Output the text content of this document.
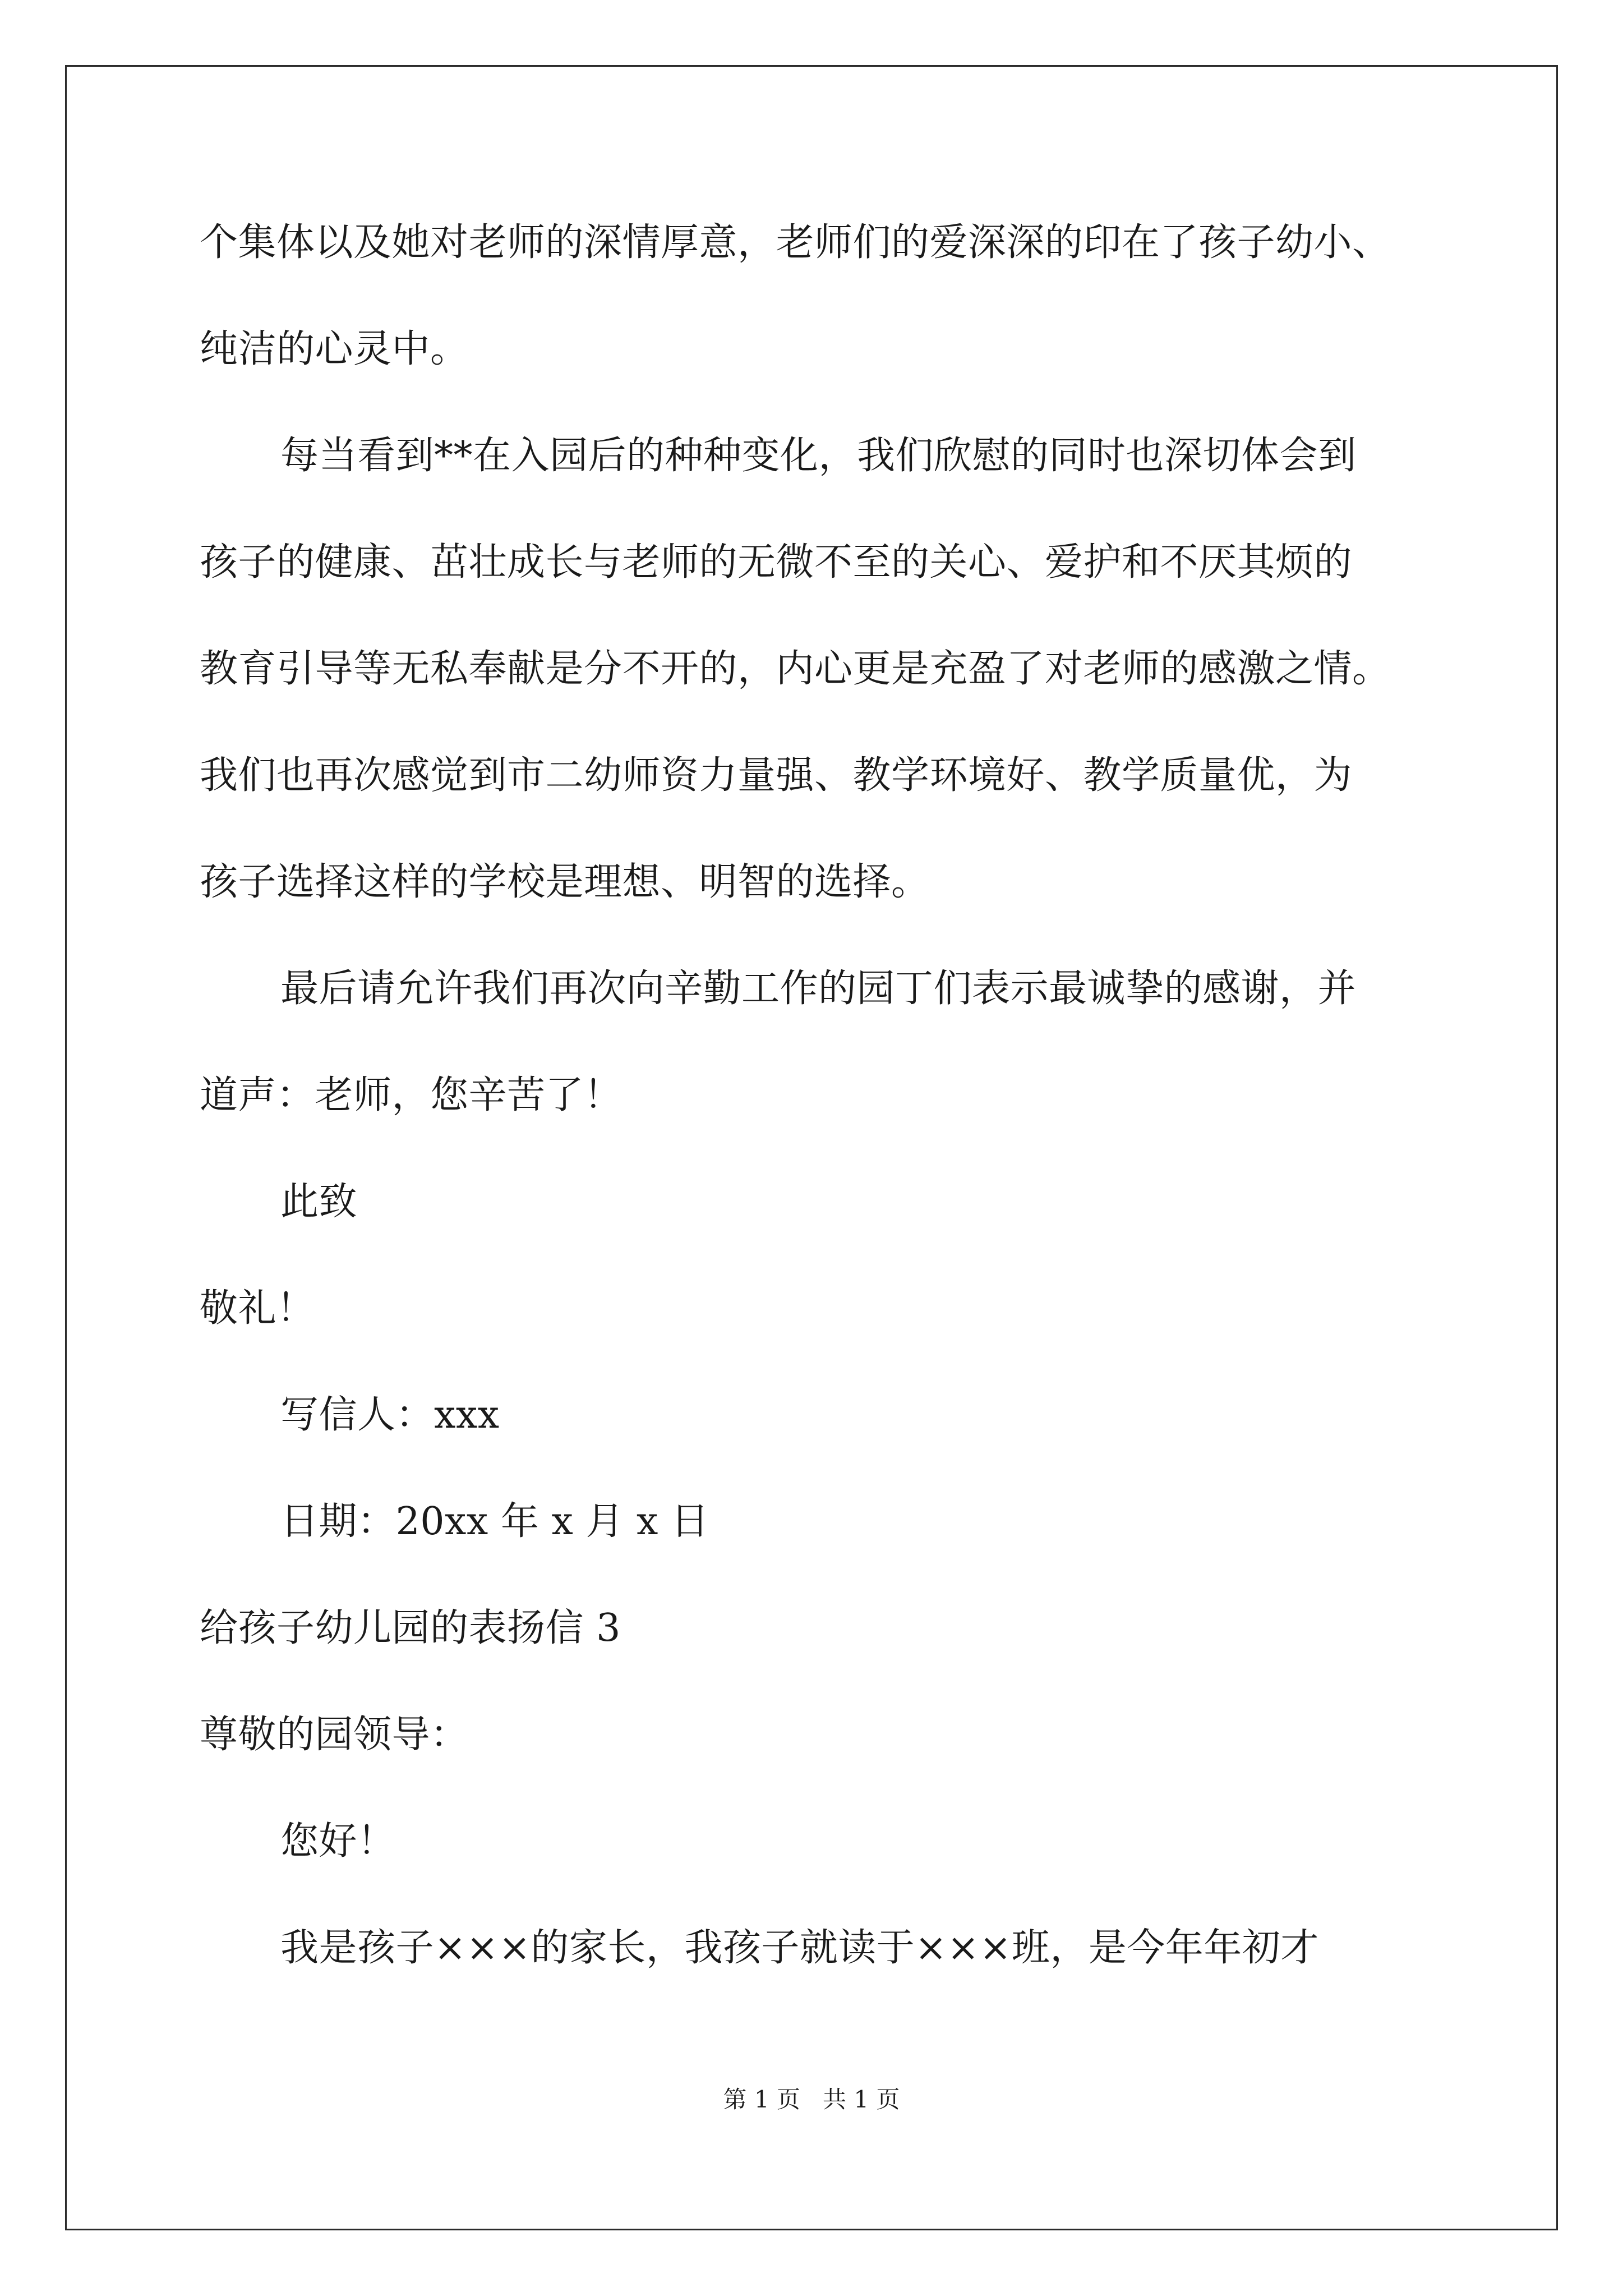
个集体以及她对老师的深情厚意，老师们的爱深深的印在了孩子幼小、
纯洁的心灵中。
每当看到**在入园后的种种变化，我们欣慰的同时也深切体会到
孩子的健康、茁壮成长与老师的无微不至的关心、爱护和不厌其烦的
教育引导等无私奉献是分不开的，内心更是充盈了对老师的感激之情。
我们也再次感觉到市二幼师资力量强、教学环境好、教学质量优，为
孩子选择这样的学校是理想、明智的选择。
最后请允许我们再次向辛勤工作的园丁们表示最诚挚的感谢，并
道声：老师，您辛苦了！
此致
敬礼！
写信人：xxx
日期：20xx 年 x 月 x 日
给孩子幼儿园的表扬信 3
尊敬的园领导：
您好！
我是孩子×××的家长，我孩子就读于×××班，是今年年初才
第 1 页   共 1 页
